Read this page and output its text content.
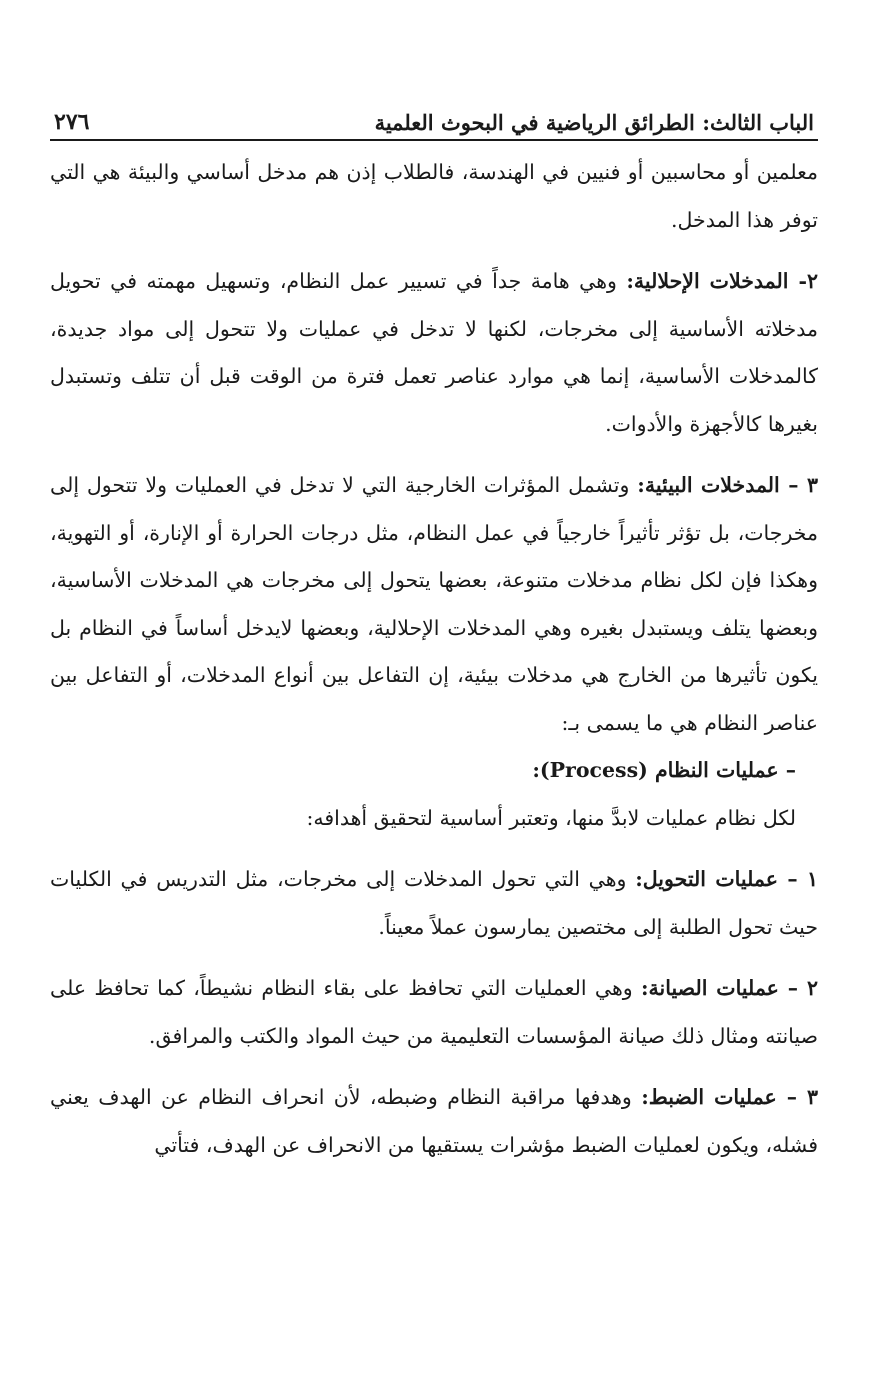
الباب الثالث: الطرائق الرياضية في البحوث العلمية
٢٧٦

معلمين أو محاسبين أو فنيين في الهندسة، فالطلاب إذن هم مدخل أساسي والبيئة هي التي توفر هذا المدخل.

٢- المدخلات الإحلالية: وهي هامة جداً في تسيير عمل النظام، وتسهيل مهمته في تحويل مدخلاته الأساسية إلى مخرجات، لكنها لا تدخل في عمليات ولا تتحول إلى مواد جديدة، كالمدخلات الأساسية، إنما هي موارد عناصر تعمل فترة من الوقت قبل أن تتلف وتستبدل بغيرها كالأجهزة والأدوات.

٣ – المدخلات البيئية: وتشمل المؤثرات الخارجية التي لا تدخل في العمليات ولا تتحول إلى مخرجات، بل تؤثر تأثيراً خارجياً في عمل النظام، مثل درجات الحرارة أو الإنارة، أو التهوية، وهكذا فإن لكل نظام مدخلات متنوعة، بعضها يتحول إلى مخرجات هي المدخلات الأساسية، وبعضها يتلف ويستبدل بغيره وهي المدخلات الإحلالية، وبعضها لايدخل أساساً في النظام بل يكون تأثيرها من الخارج هي مدخلات بيئية، إن التفاعل بين أنواع المدخلات، أو التفاعل بين عناصر النظام هي ما يسمى بـ:

– عمليات النظام (Process):

لكل نظام عمليات لابدَّ منها، وتعتبر أساسية لتحقيق أهدافه:

١ – عمليات التحويل: وهي التي تحول المدخلات إلى مخرجات، مثل التدريس في الكليات حيث تحول الطلبة إلى مختصين يمارسون عملاً معيناً.

٢ – عمليات الصيانة: وهي العمليات التي تحافظ على بقاء النظام نشيطاً، كما تحافظ على صيانته ومثال ذلك صيانة المؤسسات التعليمية من حيث المواد والكتب والمرافق.

٣ – عمليات الضبط: وهدفها مراقبة النظام وضبطه، لأن انحراف النظام عن الهدف يعني فشله، ويكون لعمليات الضبط مؤشرات يستقيها من الانحراف عن الهدف، فتأتي
